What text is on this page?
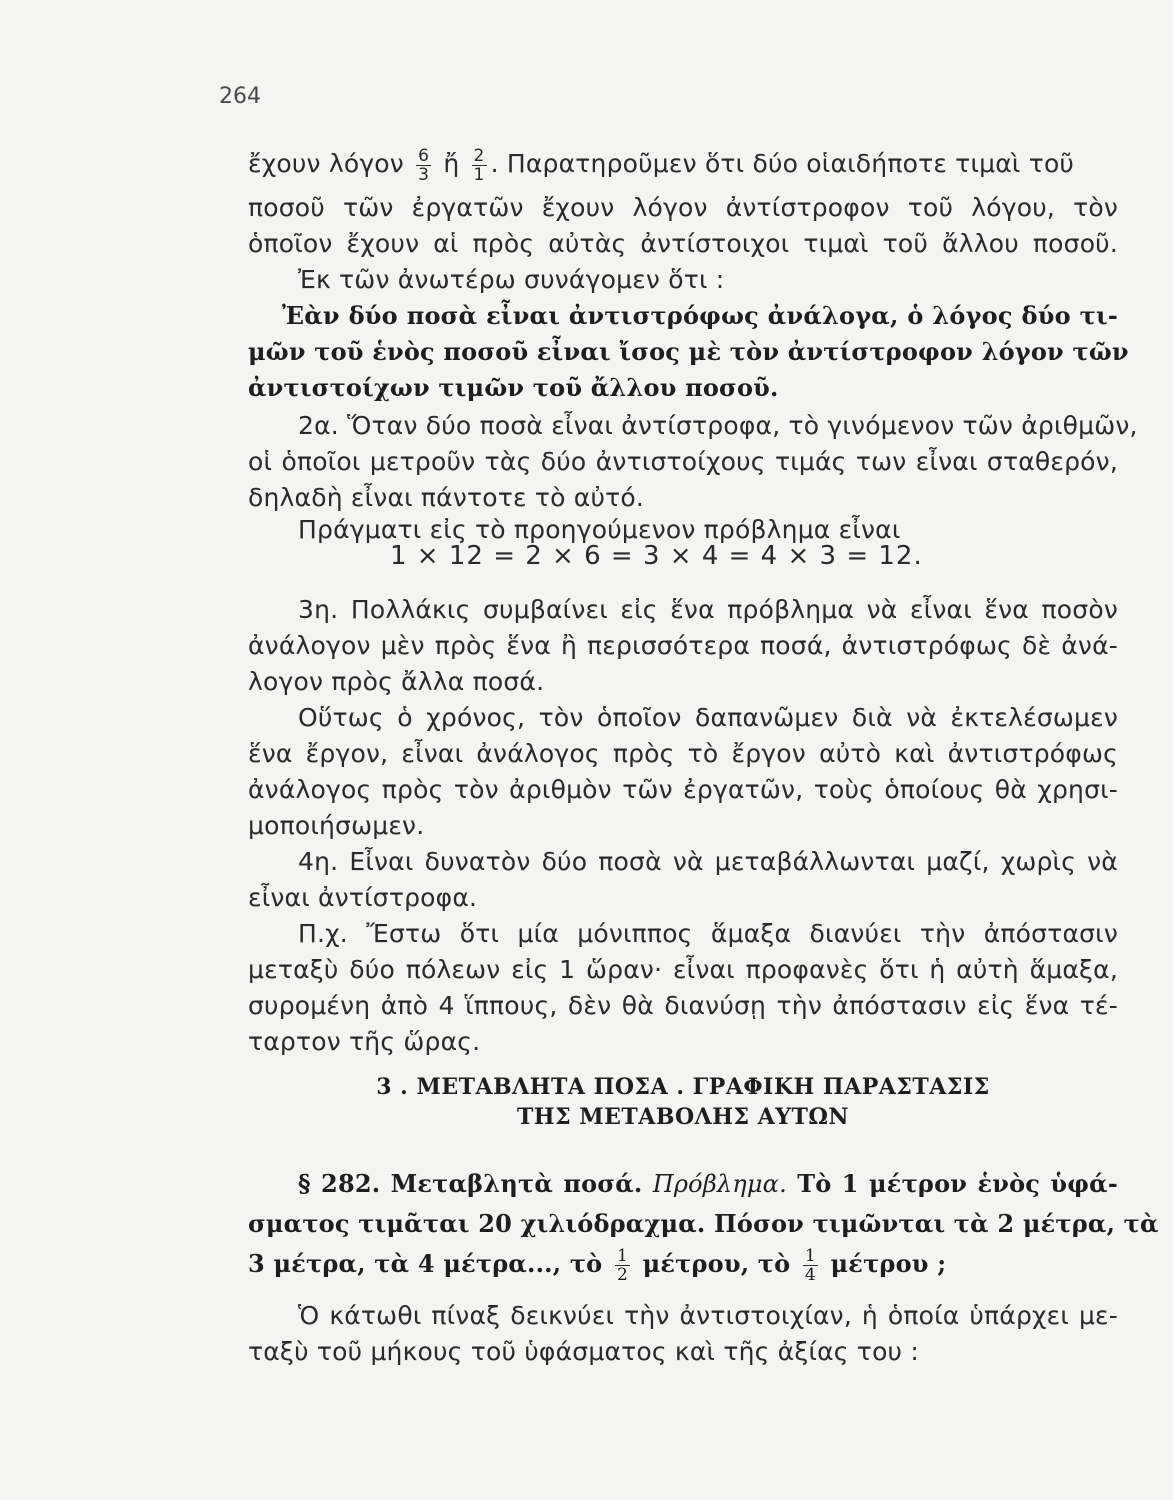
264
ἔχουν λόγον $\frac{6}{3}$ ἤ $\frac{2}{1}$ . Παρατηροῦμεν ὅτι δύο οἱαιδήποτε τιμαὶ τοῦ
ποσοῦ τῶν ἐργατῶν ἔχουν λόγον ἀντίστροφον τοῦ λόγου, τὸν
ὁποῖον ἔχουν αἱ πρὸς αὐτὰς ἀντίστοιχοι τιμαὶ τοῦ ἄλλου ποσοῦ.
Ἐκ τῶν ἀνωτέρω συνάγομεν ὅτι :
Ἐὰν δύο ποσὰ εἶναι ἀντιστρόφως ἀνάλογα, ὁ λόγος δύο τι-
μῶν τοῦ ἑνὸς ποσοῦ εἶναι ἴσος μὲ τὸν ἀντίστροφον λόγον τῶν
ἀντιστοίχων τιμῶν τοῦ ἄλλου ποσοῦ.
2α. Ὅταν δύο ποσὰ εἶναι ἀντίστροφα, τὸ γινόμενον τῶν ἀριθμῶν,
οἱ ὁποῖοι μετροῦν τὰς δύο ἀντιστοίχους τιμάς των εἶναι σταθερόν,
δηλαδὴ εἶναι πάντοτε τὸ αὐτό.
Πράγματι εἰς τὸ προηγούμενον πρόβλημα εἶναι
1 × 12 = 2 × 6 = 3 × 4 = 4 × 3 = 12.
3η. Πολλάκις συμβαίνει εἰς ἕνα πρόβλημα νὰ εἶναι ἕνα ποσὸν
ἀνάλογον μὲν πρὸς ἕνα ἢ περισσότερα ποσά, ἀντιστρόφως δὲ ἀνά-
λογον πρὸς ἄλλα ποσά.
Οὕτως ὁ χρόνος, τὸν ὁποῖον δαπανῶμεν διὰ νὰ ἐκτελέσωμεν
ἕνα ἔργον, εἶναι ἀνάλογος πρὸς τὸ ἔργον αὐτὸ καὶ ἀντιστρόφως
ἀνάλογος πρὸς τὸν ἀριθμὸν τῶν ἐργατῶν, τοὺς ὁποίους θὰ χρησι-
μοποιήσωμεν.
4η. Εἶναι δυνατὸν δύο ποσὰ νὰ μεταβάλλωνται μαζί, χωρὶς νὰ
εἶναι ἀντίστροφα.
Π.χ. Ἔστω ὅτι μία μόνιππος ἅμαξα διανύει τὴν ἀπόστασιν
μεταξὺ δύο πόλεων εἰς 1 ὥραν· εἶναι προφανὲς ὅτι ἡ αὐτὴ ἅμαξα,
συρομένη ἀπὸ 4 ἵππους, δὲν θὰ διανύσῃ τὴν ἀπόστασιν εἰς ἕνα τέ-
ταρτον τῆς ὥρας.
3 . ΜΕΤΑΒΛΗΤΑ ΠΟΣΑ . ΓΡΑΦΙΚΗ ΠΑΡΑΣΤΑΣΙΣ
ΤΗΣ ΜΕΤΑΒΟΛΗΣ ΑΥΤΩΝ
§ 282. Μεταβλητὰ ποσά. Πρόβλημα. Τὸ 1 μέτρον ἑνὸς ὑφά-
σματος τιμᾶται 20 χιλιόδραχμα. Πόσον τιμῶνται τὰ 2 μέτρα, τὰ
3 μέτρα, τὰ 4 μέτρα..., τὸ $\frac{1}{2} \mu έ\tau\rho o\upsilon$, τὸ $\frac{1}{4}$ μέτρου ;
Ὁ κάτωθι πίναξ δεικνύει τὴν ἀντιστοιχίαν, ἡ ὁποία ὑπάρχει με-
ταξὺ τοῦ μήκους τοῦ ὑφάσματος καὶ τῆς ἀξίας του :
